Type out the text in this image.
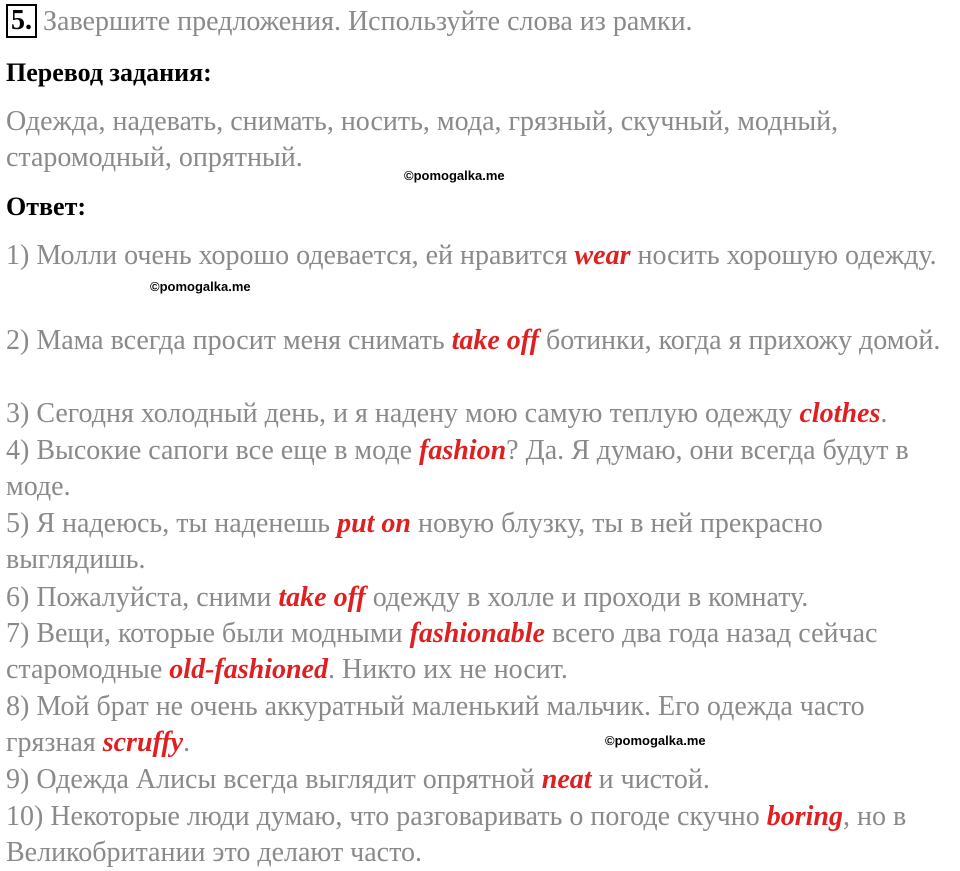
5. Завершите предложения. Используйте слова из рамки.
Перевод задания:
Одежда, надевать, снимать, носить, мода, грязный, скучный, модный, старомодный, опрятный.
©pomogalka.me
Ответ:
1) Молли очень хорошо одевается, ей нравится wear носить хорошую одежду.
©pomogalka.me
2) Мама всегда просит меня снимать take off ботинки, когда я прихожу домой.
3) Сегодня холодный день, и я надену мою самую теплую одежду clothes.
4) Высокие сапоги все еще в моде fashion? Да. Я думаю, они всегда будут в моде.
5) Я надеюсь, ты наденешь put on новую блузку, ты в ней прекрасно выглядишь.
6) Пожалуйста, сними take off одежду в холле и проходи в комнату.
7) Вещи, которые были модными fashionable всего два года назад сейчас старомодные old-fashioned. Никто их не носит.
8) Мой брат не очень аккуратный маленький мальчик. Его одежда часто грязная scruffy.	©pomogalka.me
9) Одежда Алисы всегда выглядит опрятной neat и чистой.
10) Некоторые люди думаю, что разговаривать о погоде скучно boring, но в Великобритании это делают часто.
